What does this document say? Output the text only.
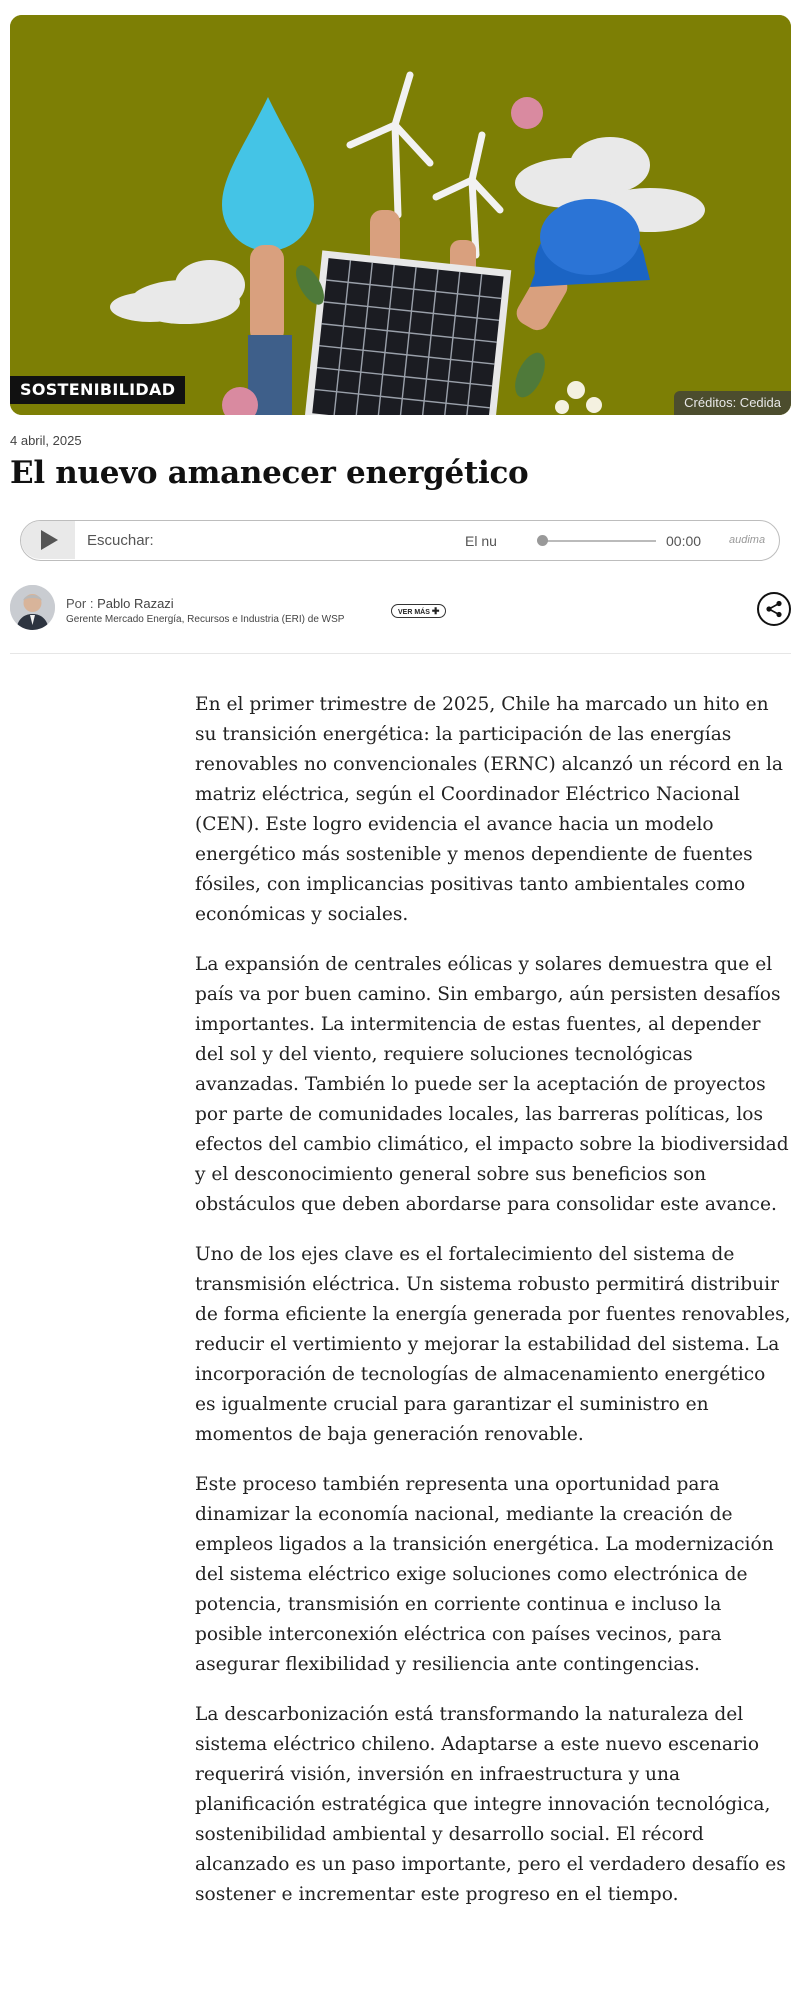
SOSTENIBILIDAD
Créditos: Cedida
4 abril, 2025
El nuevo amanecer energético
Escuchar:	El nu	00:00	audima
Por : Pablo Razazi
Gerente Mercado Energía, Recursos e Industria (ERI) de WSP
VER MÁS ✚

En el primer trimestre de 2025, Chile ha marcado un hito en su transición energética: la participación de las energías renovables no convencionales (ERNC) alcanzó un récord en la matriz eléctrica, según el Coordinador Eléctrico Nacional (CEN). Este logro evidencia el avance hacia un modelo energético más sostenible y menos dependiente de fuentes fósiles, con implicancias positivas tanto ambientales como económicas y sociales.

La expansión de centrales eólicas y solares demuestra que el país va por buen camino. Sin embargo, aún persisten desafíos importantes. La intermitencia de estas fuentes, al depender del sol y del viento, requiere soluciones tecnológicas avanzadas. También lo puede ser la aceptación de proyectos por parte de comunidades locales, las barreras políticas, los efectos del cambio climático, el impacto sobre la biodiversidad y el desconocimiento general sobre sus beneficios son obstáculos que deben abordarse para consolidar este avance.

Uno de los ejes clave es el fortalecimiento del sistema de transmisión eléctrica. Un sistema robusto permitirá distribuir de forma eficiente la energía generada por fuentes renovables, reducir el vertimiento y mejorar la estabilidad del sistema. La incorporación de tecnologías de almacenamiento energético es igualmente crucial para garantizar el suministro en momentos de baja generación renovable.

Este proceso también representa una oportunidad para dinamizar la economía nacional, mediante la creación de empleos ligados a la transición energética. La modernización del sistema eléctrico exige soluciones como electrónica de potencia, transmisión en corriente continua e incluso la posible interconexión eléctrica con países vecinos, para asegurar flexibilidad y resiliencia ante contingencias.

La descarbonización está transformando la naturaleza del sistema eléctrico chileno. Adaptarse a este nuevo escenario requerirá visión, inversión en infraestructura y una planificación estratégica que integre innovación tecnológica, sostenibilidad ambiental y desarrollo social. El récord alcanzado es un paso importante, pero el verdadero desafío es sostener e incrementar este progreso en el tiempo.
